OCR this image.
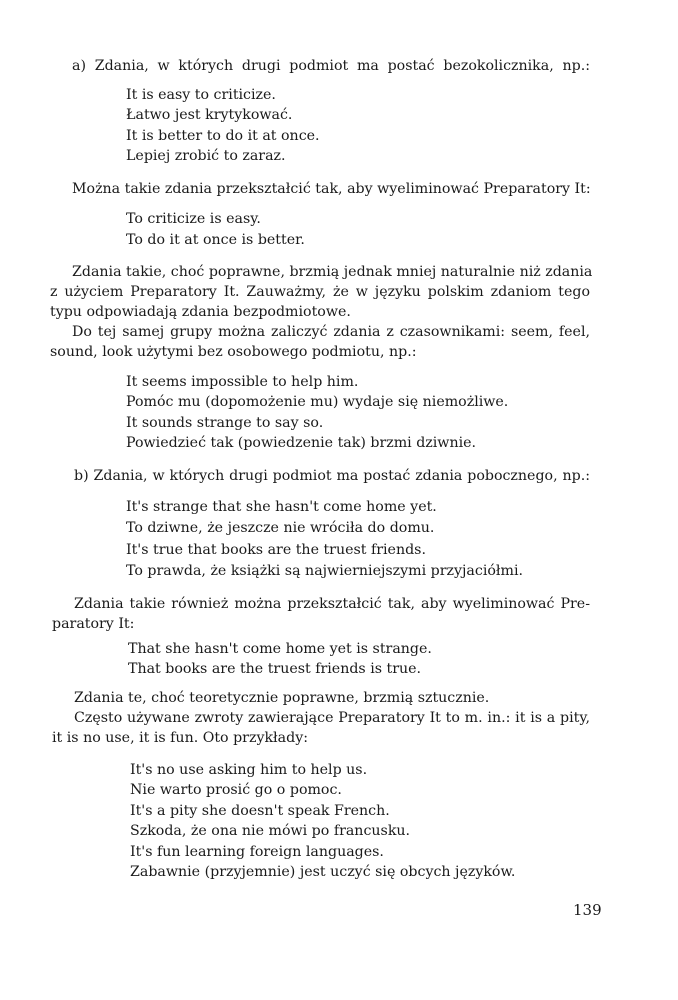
a) Zdania, w których drugi podmiot ma postać bezokolicznika, np.:
It is easy to criticize.
Łatwo jest krytykować.
It is better to do it at once.
Lepiej zrobić to zaraz.
Można takie zdania przekształcić tak, aby wyeliminować Preparatory It:
To criticize is easy.
To do it at once is better.
Zdania takie, choć poprawne, brzmią jednak mniej naturalnie niż zdania
z użyciem Preparatory It. Zauważmy, że w języku polskim zdaniom tego
typu odpowiadają zdania bezpodmiotowe.
Do tej samej grupy można zaliczyć zdania z czasownikami: seem, feel,
sound, look użytymi bez osobowego podmiotu, np.:
It seems impossible to help him.
Pomóc mu (dopomożenie mu) wydaje się niemożliwe.
It sounds strange to say so.
Powiedzieć tak (powiedzenie tak) brzmi dziwnie.
b) Zdania, w których drugi podmiot ma postać zdania pobocznego, np.:
It's strange that she hasn't come home yet.
To dziwne, że jeszcze nie wróciła do domu.
It's true that books are the truest friends.
To prawda, że książki są najwierniejszymi przyjaciółmi.
Zdania takie również można przekształcić tak, aby wyeliminować Pre-
paratory It:
That she hasn't come home yet is strange.
That books are the truest friends is true.
Zdania te, choć teoretycznie poprawne, brzmią sztucznie.
Często używane zwroty zawierające Preparatory It to m. in.: it is a pity,
it is no use, it is fun. Oto przykłady:
It's no use asking him to help us.
Nie warto prosić go o pomoc.
It's a pity she doesn't speak French.
Szkoda, że ona nie mówi po francusku.
It's fun learning foreign languages.
Zabawnie (przyjemnie) jest uczyć się obcych języków.
139
